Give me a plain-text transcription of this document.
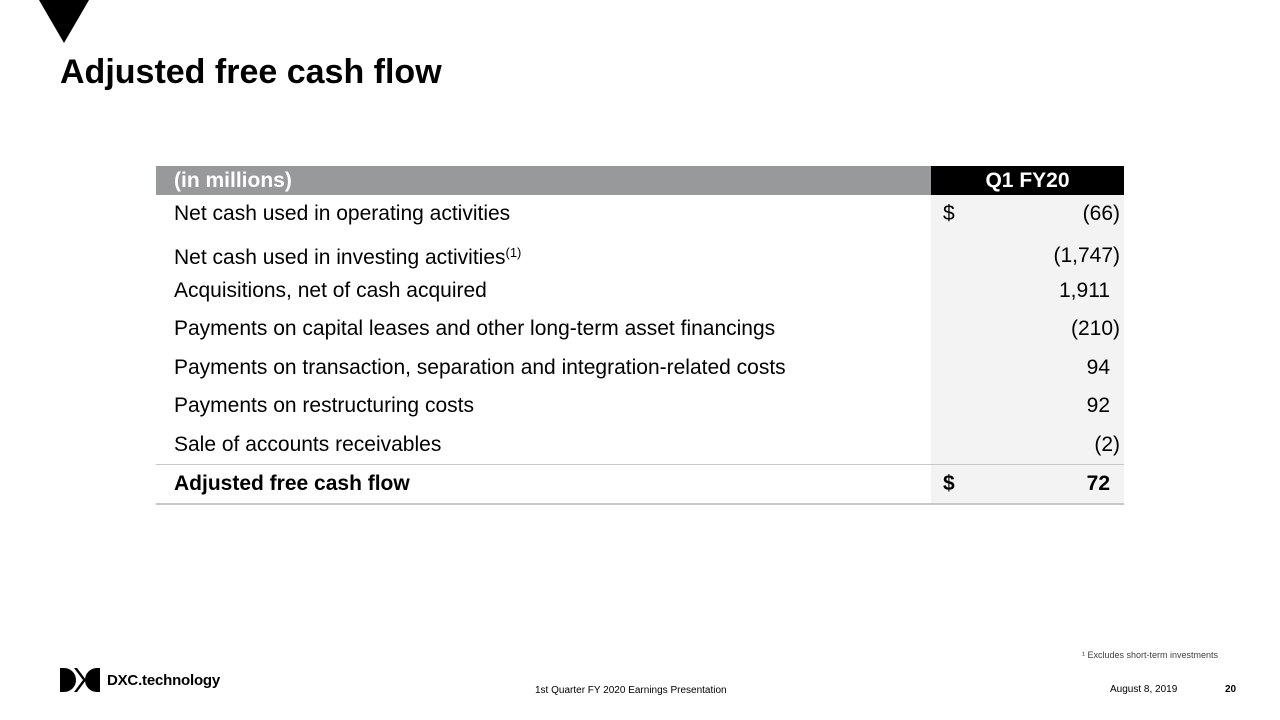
Adjusted free cash flow
(in millions)	Q1 FY20
Net cash used in operating activities	$	(66)
Net cash used in investing activities (1)	(1,747)
Acquisitions, net of cash acquired	1,911
Payments on capital leases and other long-term asset financings	(210)
Payments on transaction, separation and integration-related costs	94
Payments on restructuring costs	92
Sale of accounts receivables	(2)
Adjusted free cash flow	$	72
¹ Excludes short-term investments
DXC.technology
1st Quarter FY 2020 Earnings Presentation	August 8, 2019	20
